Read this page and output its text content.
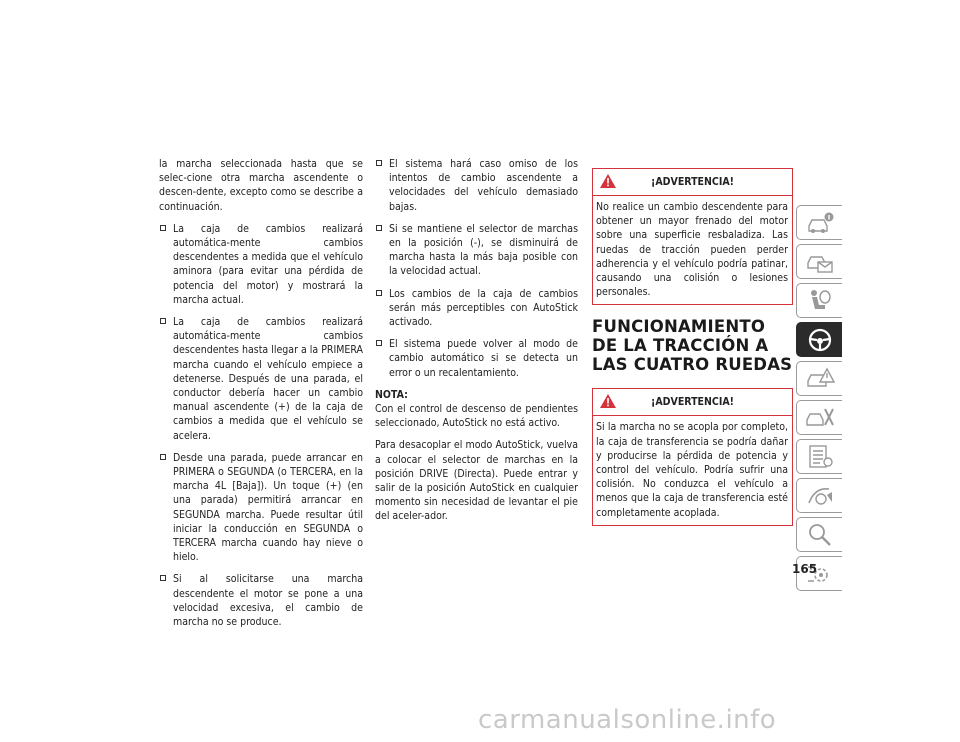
la marcha seleccionada hasta que se selec-cione otra marcha ascendente o descen-dente, excepto como se describe a continuación.

La caja de cambios realizará automática-mente cambios descendentes a medida que el vehículo aminora (para evitar una pérdida de potencia del motor) y mostrará la marcha actual.
La caja de cambios realizará automática-mente cambios descendentes hasta llegar a la PRIMERA marcha cuando el vehículo empiece a detenerse. Después de una parada, el conductor debería hacer un cambio manual ascendente (+) de la caja de cambios a medida que el vehículo se acelera.
Desde una parada, puede arrancar en PRIMERA o SEGUNDA (o TERCERA, en la marcha 4L [Baja]). Un toque (+) (en una parada) permitirá arrancar en SEGUNDA marcha. Puede resultar útil iniciar la conducción en SEGUNDA o TERCERA marcha cuando hay nieve o hielo.
Si al solicitarse una marcha descendente el motor se pone a una velocidad excesiva, el cambio de marcha no se produce.
El sistema hará caso omiso de los intentos de cambio ascendente a velocidades del vehículo demasiado bajas.
Si se mantiene el selector de marchas en la posición (-), se disminuirá de marcha hasta la más baja posible con la velocidad actual.
Los cambios de la caja de cambios serán más perceptibles con AutoStick activado.
El sistema puede volver al modo de cambio automático si se detecta un error o un recalentamiento.
NOTA:

Con el control de descenso de pendientes seleccionado, AutoStick no está activo.

Para desacoplar el modo AutoStick, vuelva a colocar el selector de marchas en la posición DRIVE (Directa). Puede entrar y salir de la posición AutoStick en cualquier momento sin necesidad de levantar el pie del aceler-ador.

¡ADVERTENCIA!
No realice un cambio descendente para obtener un mayor frenado del motor sobre una superficie resbaladiza. Las ruedas de tracción pueden perder adherencia y el vehículo podría patinar, causando una colisión o lesiones personales.
FUNCIONAMIENTO DE LA TRACCIÓN A LAS CUATRO RUEDAS
¡ADVERTENCIA!
Si la marcha no se acopla por completo, la caja de transferencia se podría dañar y producirse la pérdida de potencia y control del vehículo. Podría sufrir una colisión. No conduzca el vehículo a menos que la caja de transferencia esté completamente acoplada.
165
carmanualsonline.info
